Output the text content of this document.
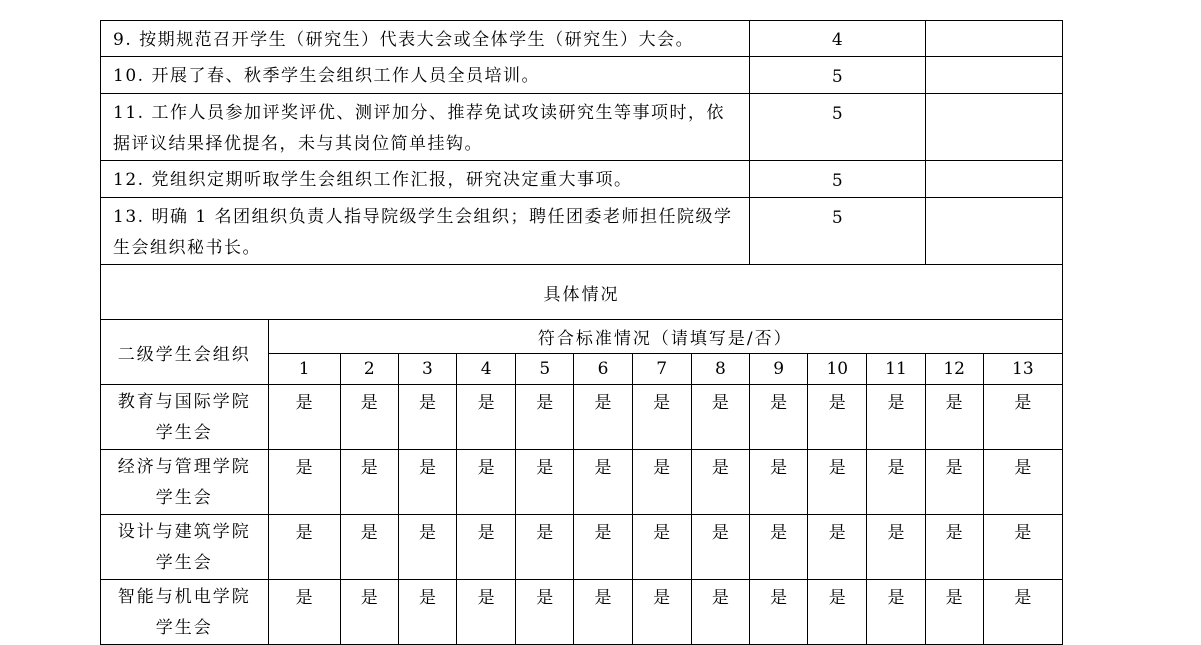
9. 按期规范召开学生（研究生）代表大会或全体学生（研究生）大会。									4				
10. 开展了春、秋季学生会组织工作人员全员培训。									5				
11. 工作人员参加评奖评优、测评加分、推荐免试攻读研究生等事项时，依据评议结果择优提名，未与其岗位简单挂钩。									5				
12. 党组织定期听取学生会组织工作汇报，研究决定重大事项。									5				
13. 明确 1 名团组织负责人指导院级学生会组织；聘任团委老师担任院级学生会组织秘书长。									5				
具体情况													
二级学生会组织	符合标准情况（请填写是/否）												
	1	2	3	4	5	6	7	8	9	10	11	12	13

教育与国际学院
学生会	是	是	是	是	是	是	是	是	是	是	是	是	是

经济与管理学院
学生会	是	是	是	是	是	是	是	是	是	是	是	是	是

设计与建筑学院
学生会	是	是	是	是	是	是	是	是	是	是	是	是	是

智能与机电学院
学生会	是	是	是	是	是	是	是	是	是	是	是	是	是
